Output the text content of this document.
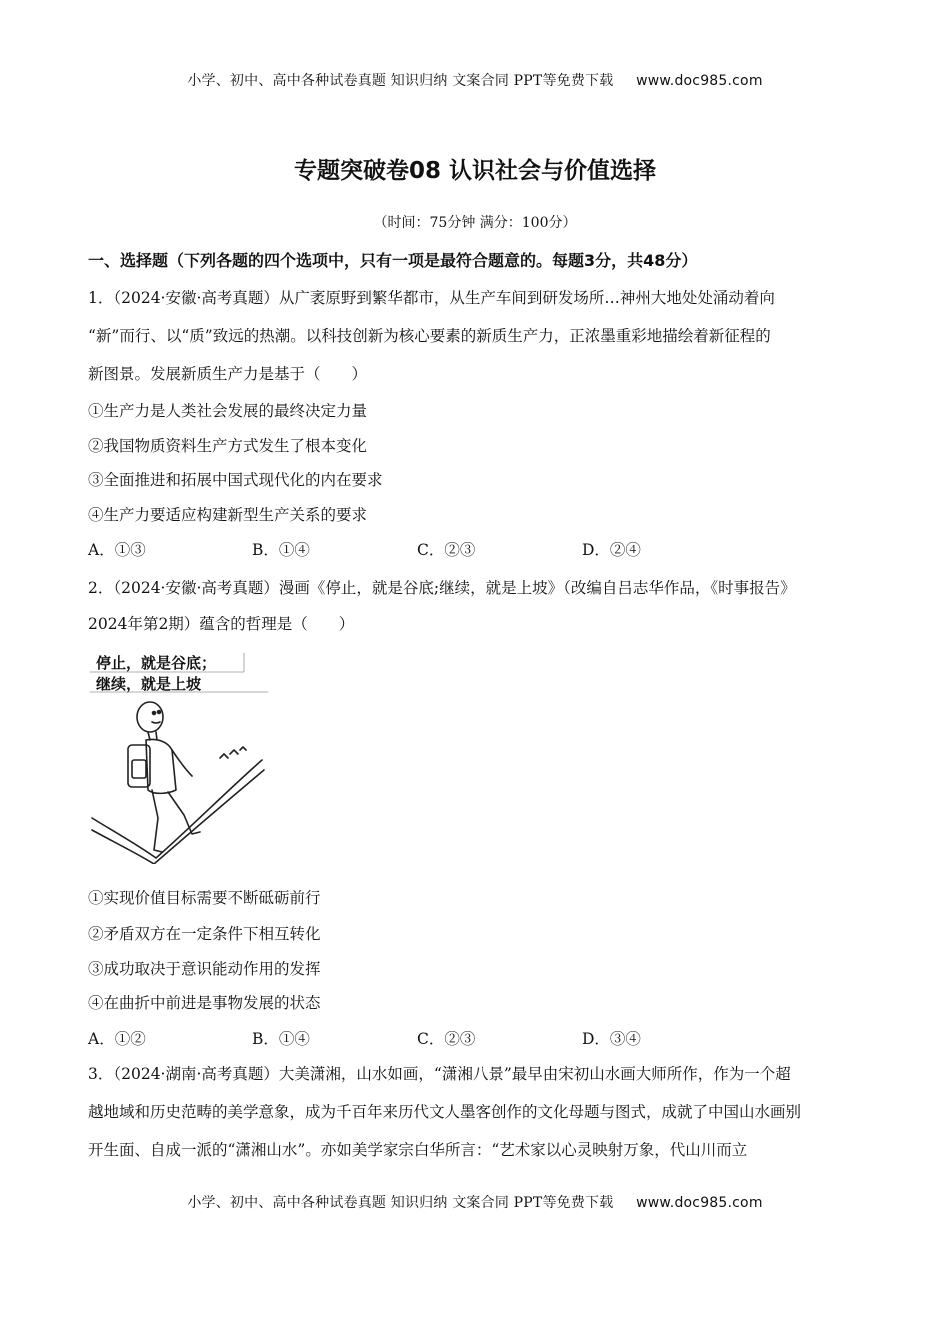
小学、初中、高中各种试卷真题 知识归纳 文案合同 PPT等免费下载 www.doc985.com
专题突破卷08 认识社会与价值选择
（时间：75分钟 满分：100分）
一、选择题（下列各题的四个选项中，只有一项是最符合题意的。每题3分，共48分）
1．（2024·安徽·高考真题）从广袤原野到繁华都市，从生产车间到研发场所…神州大地处处涌动着向
“新”而行、以“质”致远的热潮。以科技创新为核心要素的新质生产力，正浓墨重彩地描绘着新征程的
新图景。发展新质生产力是基于（　　）
①生产力是人类社会发展的最终决定力量
②我国物质资料生产方式发生了根本变化
③全面推进和拓展中国式现代化的内在要求
④生产力要适应构建新型生产关系的要求
A．①③	B．①④	C．②③	D．②④
2．（2024·安徽·高考真题）漫画《停止，就是谷底;继续，就是上坡》（改编自吕志华作品，《时事报告》
2024年第2期）蕴含的哲理是（　　）
停止，就是谷底；
继续，就是上坡
①实现价值目标需要不断砥砺前行
②矛盾双方在一定条件下相互转化
③成功取决于意识能动作用的发挥
④在曲折中前进是事物发展的状态
A．①②	B．①④	C．②③	D．③④
3．（2024·湖南·高考真题）大美潇湘，山水如画，“潇湘八景”最早由宋初山水画大师所作，作为一个超
越地域和历史范畴的美学意象，成为千百年来历代文人墨客创作的文化母题与图式，成就了中国山水画别
开生面、自成一派的“潇湘山水”。亦如美学家宗白华所言：“艺术家以心灵映射万象，代山川而立
小学、初中、高中各种试卷真题 知识归纳 文案合同 PPT等免费下载 www.doc985.com
